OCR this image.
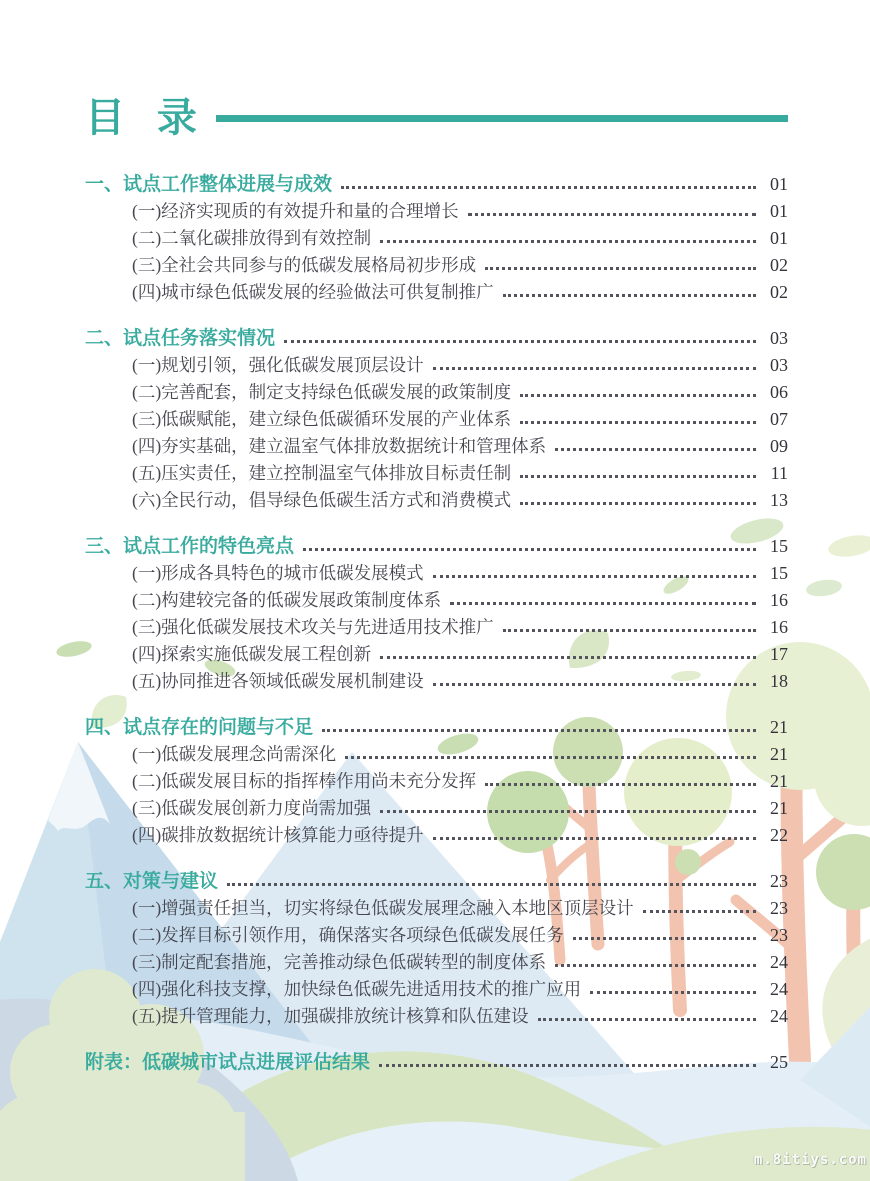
目 录
一、试点工作整体进展与成效	01
(一)经济实现质的有效提升和量的合理增长	01
(二)二氧化碳排放得到有效控制	01
(三)全社会共同参与的低碳发展格局初步形成	02
(四)城市绿色低碳发展的经验做法可供复制推广	02
二、试点任务落实情况	03
(一)规划引领，强化低碳发展顶层设计	03
(二)完善配套，制定支持绿色低碳发展的政策制度	06
(三)低碳赋能，建立绿色低碳循环发展的产业体系	07
(四)夯实基础，建立温室气体排放数据统计和管理体系	09
(五)压实责任，建立控制温室气体排放目标责任制	11
(六)全民行动，倡导绿色低碳生活方式和消费模式	13
三、试点工作的特色亮点	15
(一)形成各具特色的城市低碳发展模式	15
(二)构建较完备的低碳发展政策制度体系	16
(三)强化低碳发展技术攻关与先进适用技术推广	16
(四)探索实施低碳发展工程创新	17
(五)协同推进各领域低碳发展机制建设	18
四、试点存在的问题与不足	21
(一)低碳发展理念尚需深化	21
(二)低碳发展目标的指挥棒作用尚未充分发挥	21
(三)低碳发展创新力度尚需加强	21
(四)碳排放数据统计核算能力亟待提升	22
五、对策与建议	23
(一)增强责任担当，切实将绿色低碳发展理念融入本地区顶层设计	23
(二)发挥目标引领作用，确保落实各项绿色低碳发展任务	23
(三)制定配套措施，完善推动绿色低碳转型的制度体系	24
(四)强化科技支撑，加快绿色低碳先进适用技术的推广应用	24
(五)提升管理能力，加强碳排放统计核算和队伍建设	24
附表：低碳城市试点进展评估结果	25
m.8itiys.com
